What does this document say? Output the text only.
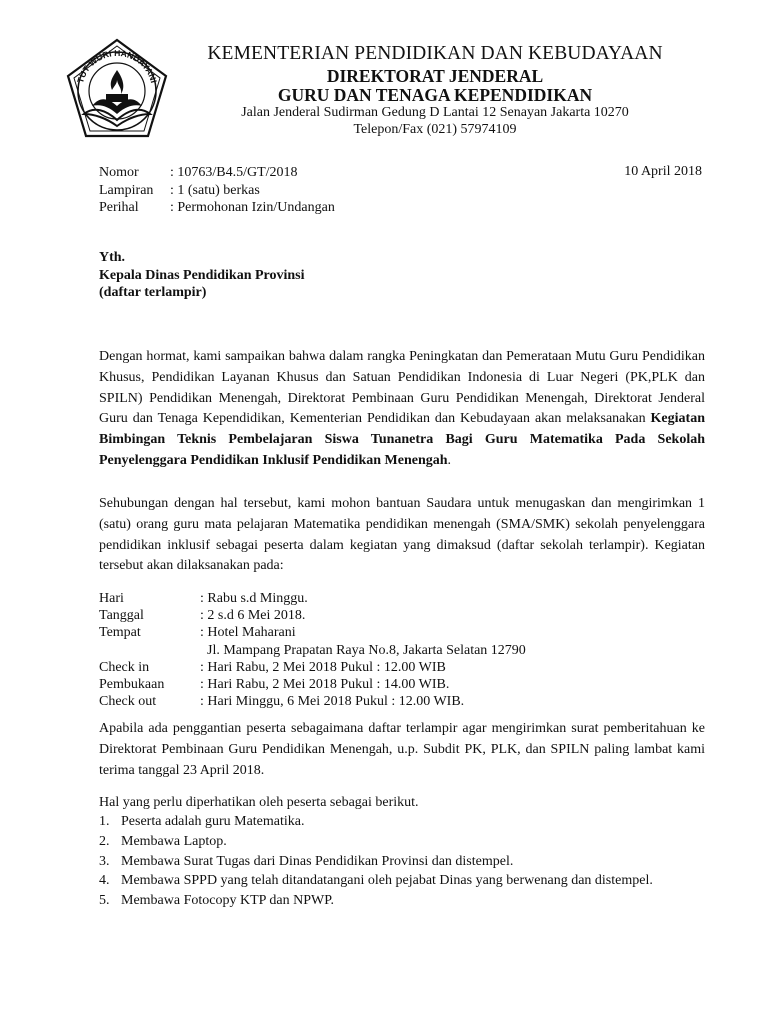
TUT WURI HANDAYANI
KEMENTERIAN PENDIDIKAN DAN KEBUDAYAAN
DIREKTORAT JENDERAL
GURU DAN TENAGA KEPENDIDIKAN
Jalan Jenderal Sudirman Gedung D Lantai 12 Senayan Jakarta 10270
Telepon/Fax (021) 57974109
Nomor	: 10763/B4.5/GT/2018
Lampiran	: 1 (satu) berkas
Perihal	: Permohonan Izin/Undangan
10 April 2018
Yth.
Kepala Dinas Pendidikan Provinsi
(daftar terlampir)
Dengan hormat, kami sampaikan bahwa dalam rangka Peningkatan dan Pemerataan Mutu Guru Pendidikan Khusus, Pendidikan Layanan Khusus dan Satuan Pendidikan Indonesia di Luar Negeri (PK,PLK dan SPILN) Pendidikan Menengah, Direktorat Pembinaan Guru Pendidikan Menengah, Direktorat Jenderal Guru dan Tenaga Kependidikan, Kementerian Pendidikan dan Kebudayaan akan melaksanakan Kegiatan Bimbingan Teknis Pembelajaran Siswa Tunanetra Bagi Guru Matematika Pada Sekolah Penyelenggara Pendidikan Inklusif Pendidikan Menengah.
Sehubungan dengan hal tersebut, kami mohon bantuan Saudara untuk menugaskan dan mengirimkan 1 (satu) orang guru mata pelajaran Matematika pendidikan menengah (SMA/SMK) sekolah penyelenggara pendidikan inklusif sebagai peserta dalam kegiatan yang dimaksud (daftar sekolah terlampir). Kegiatan tersebut akan dilaksanakan pada:
Hari	: Rabu s.d Minggu.
Tanggal	: 2 s.d 6 Mei 2018.
Tempat	: Hotel Maharani
Jl. Mampang Prapatan Raya No.8, Jakarta Selatan 12790
Check in	: Hari Rabu, 2 Mei 2018 Pukul : 12.00 WIB
Pembukaan	: Hari Rabu, 2 Mei 2018 Pukul : 14.00 WIB.
Check out	: Hari Minggu, 6 Mei 2018 Pukul : 12.00 WIB.
Apabila ada penggantian peserta sebagaimana daftar terlampir agar mengirimkan surat pemberitahuan ke Direktorat Pembinaan Guru Pendidikan Menengah, u.p. Subdit PK, PLK, dan SPILN paling lambat kami terima tanggal 23 April 2018.
Hal yang perlu diperhatikan oleh peserta sebagai berikut.
1. Peserta adalah guru Matematika.
2. Membawa Laptop.
3. Membawa Surat Tugas dari Dinas Pendidikan Provinsi dan distempel.
4. Membawa SPPD yang telah ditandatangani oleh pejabat Dinas yang berwenang dan distempel.
5. Membawa Fotocopy KTP dan NPWP.
